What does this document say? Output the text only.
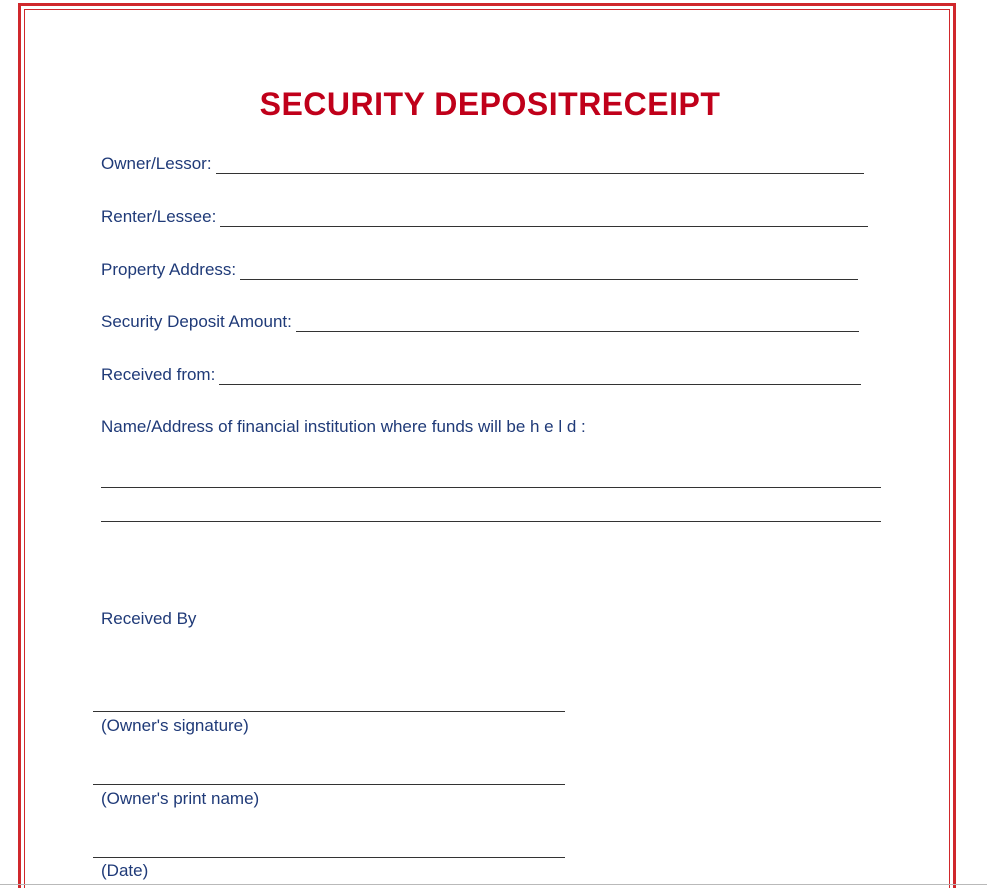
SECURITY DEPOSITRECEIPT
Owner/Lessor:
Renter/Lessee:
Property Address:
Security Deposit Amount:
Received from:
Name/Address of financial institution where funds will be h e l d :
Received By
(Owner's signature)
(Owner's print name)
(Date)
